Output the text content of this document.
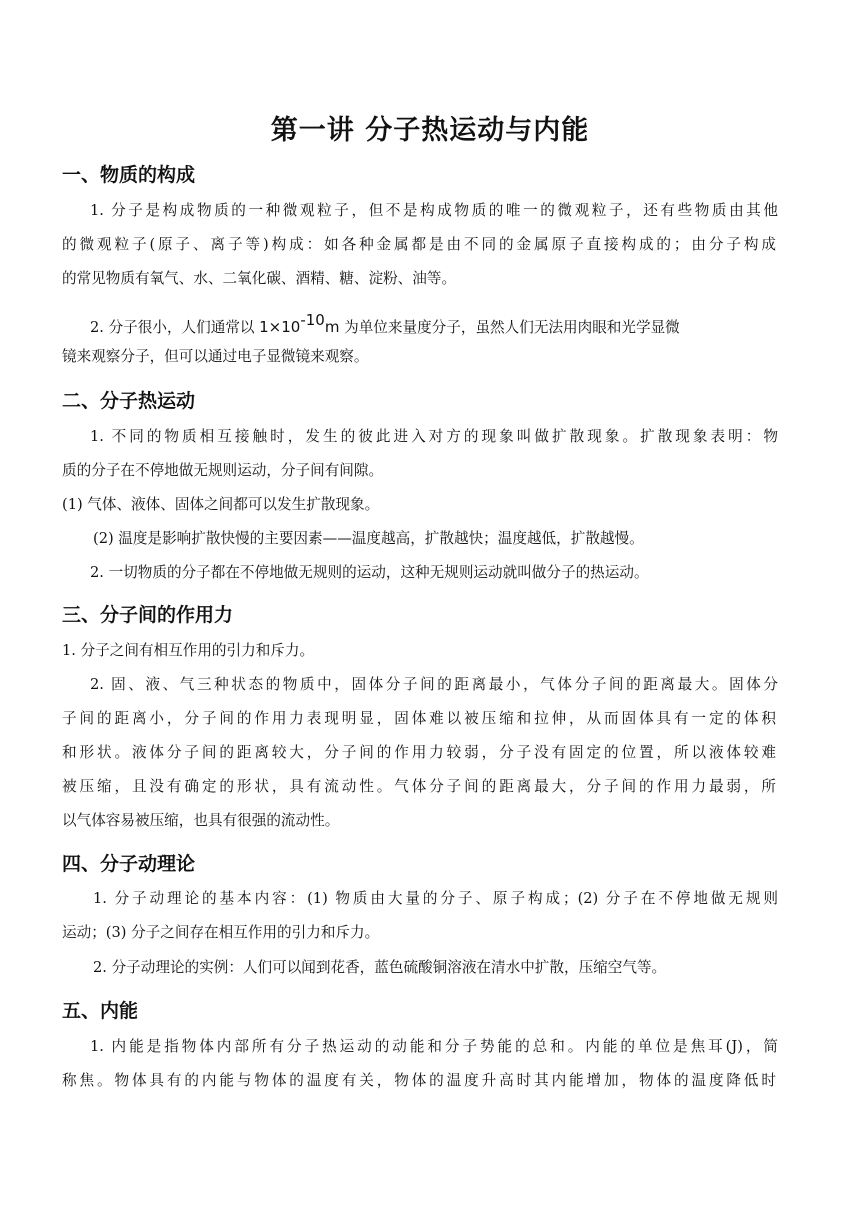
第一讲 分子热运动与内能
一、物质的构成
1. 分子是构成物质的一种微观粒子，但不是构成物质的唯一的微观粒子，还有些物质由其他
的微观粒子(原子、离子等)构成：如各种金属都是由不同的金属原子直接构成的；由分子构成
的常见物质有氧气、水、二氧化碳、酒精、糖、淀粉、油等。
2. 分子很小，人们通常以 1×10-10m 为单位来量度分子，虽然人们无法用肉眼和光学显微
镜来观察分子，但可以通过电子显微镜来观察。
二、分子热运动
1. 不同的物质相互接触时，发生的彼此进入对方的现象叫做扩散现象。扩散现象表明：物
质的分子在不停地做无规则运动，分子间有间隙。
(1) 气体、液体、固体之间都可以发生扩散现象。
(2) 温度是影响扩散快慢的主要因素——温度越高，扩散越快；温度越低，扩散越慢。
2. 一切物质的分子都在不停地做无规则的运动，这种无规则运动就叫做分子的热运动。
三、分子间的作用力
1. 分子之间有相互作用的引力和斥力。
2. 固、液、气三种状态的物质中，固体分子间的距离最小，气体分子间的距离最大。固体分
子间的距离小，分子间的作用力表现明显，固体难以被压缩和拉伸，从而固体具有一定的体积
和形状。液体分子间的距离较大，分子间的作用力较弱，分子没有固定的位置，所以液体较难
被压缩，且没有确定的形状，具有流动性。气体分子间的距离最大，分子间的作用力最弱，所
以气体容易被压缩，也具有很强的流动性。
四、分子动理论
1. 分子动理论的基本内容：(1) 物质由大量的分子、原子构成；(2) 分子在不停地做无规则
运动；(3) 分子之间存在相互作用的引力和斥力。
2. 分子动理论的实例：人们可以闻到花香，蓝色硫酸铜溶液在清水中扩散，压缩空气等。
五、内能
1. 内能是指物体内部所有分子热运动的动能和分子势能的总和。内能的单位是焦耳(J)，简
称焦。物体具有的内能与物体的温度有关，物体的温度升高时其内能增加，物体的温度降低时
